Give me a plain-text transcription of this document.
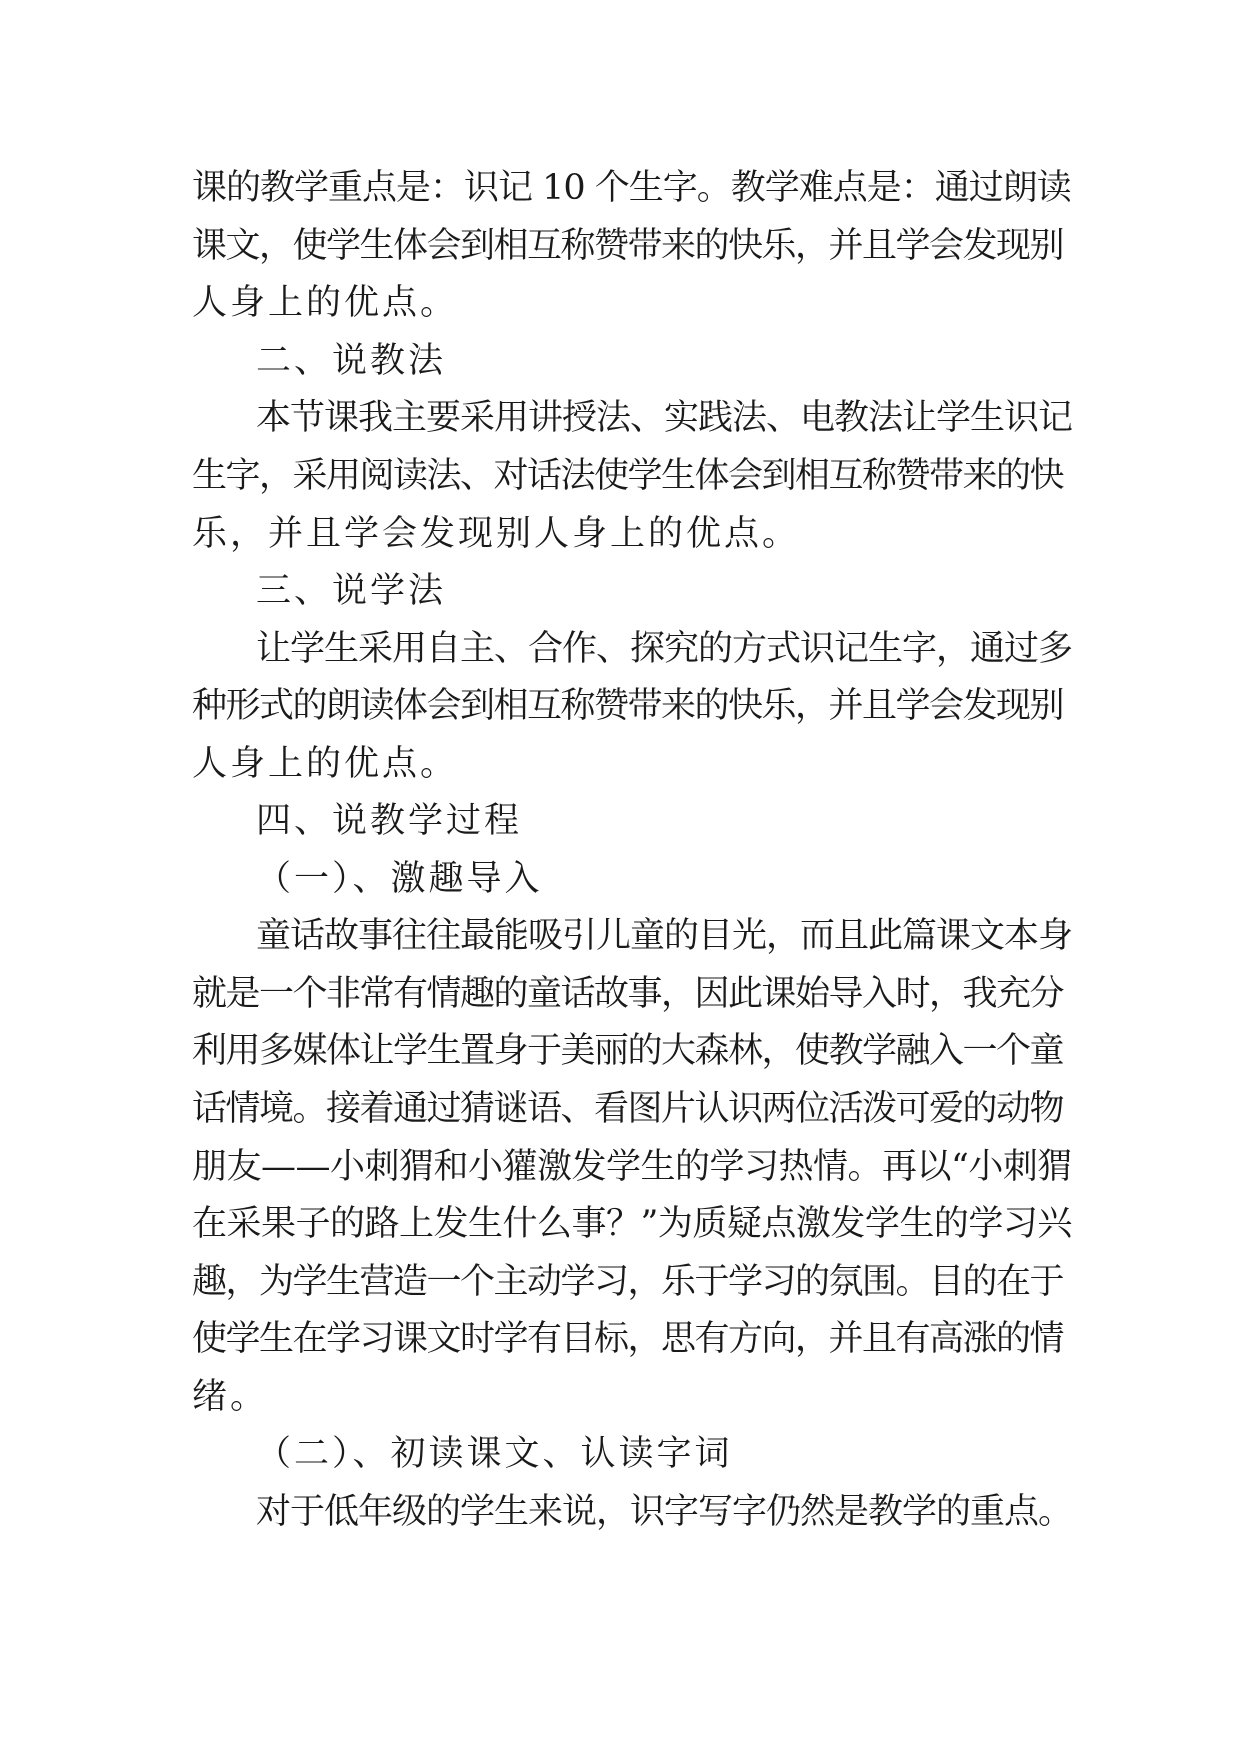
课的教学重点是：识记 10 个生字。教学难点是：通过朗读
课文，使学生体会到相互称赞带来的快乐，并且学会发现别
人身上的优点。
二、说教法
本节课我主要采用讲授法、实践法、电教法让学生识记
生字，采用阅读法、对话法使学生体会到相互称赞带来的快
乐，并且学会发现别人身上的优点。
三、说学法
让学生采用自主、合作、探究的方式识记生字，通过多
种形式的朗读体会到相互称赞带来的快乐，并且学会发现别
人身上的优点。
四、说教学过程
（一）、激趣导入
童话故事往往最能吸引儿童的目光，而且此篇课文本身
就是一个非常有情趣的童话故事，因此课始导入时，我充分
利用多媒体让学生置身于美丽的大森林，使教学融入一个童
话情境。接着通过猜谜语、看图片认识两位活泼可爱的动物
朋友——小刺猬和小獾激发学生的学习热情。再以“小刺猬
在采果子的路上发生什么事？”为质疑点激发学生的学习兴
趣，为学生营造一个主动学习，乐于学习的氛围。目的在于
使学生在学习课文时学有目标，思有方向，并且有高涨的情
绪。
（二）、初读课文、认读字词
对于低年级的学生来说，识字写字仍然是教学的重点。
